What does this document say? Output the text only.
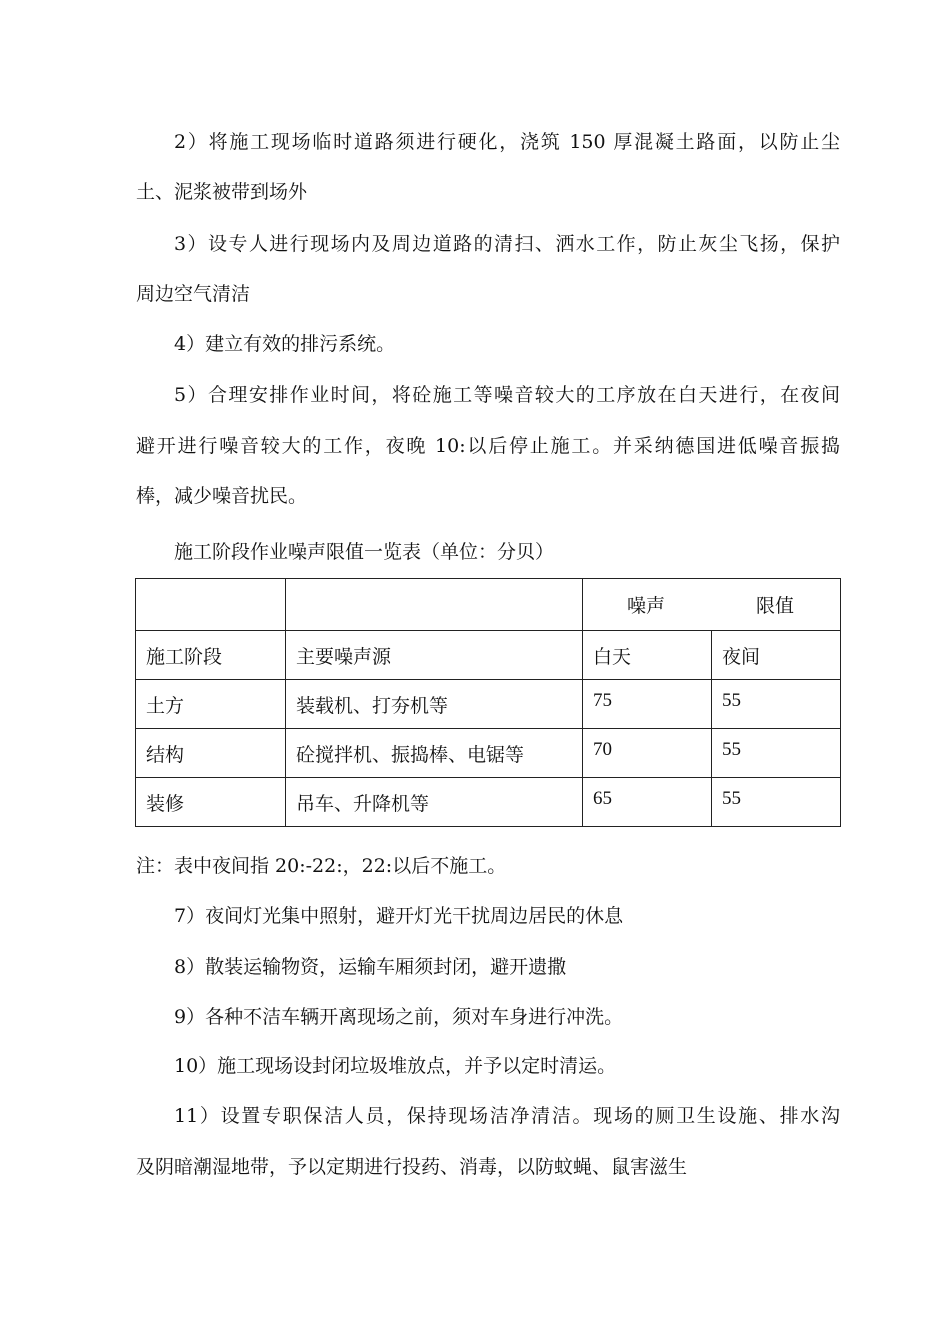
2）将施工现场临时道路须进行硬化，浇筑 150 厚混凝土路面，以防止尘
土、泥浆被带到场外
3）设专人进行现场内及周边道路的清扫、洒水工作，防止灰尘飞扬，保护
周边空气清洁
4）建立有效的排污系统。
5）合理安排作业时间，将砼施工等噪音较大的工序放在白天进行，在夜间
避开进行噪音较大的工作，夜晚 10:以后停止施工。并采纳德国进低噪音振捣
棒，减少噪音扰民。
施工阶段作业噪声限值一览表（单位：分贝）

		噪声 限值	

施工阶段	主要噪声源	白天	夜间
土方	装载机、打夯机等	75	55
结构	砼搅拌机、振捣棒、电锯等	70	55
装修	吊车、升降机等	65	55
注：表中夜间指 20:-22:，22:以后不施工。
7）夜间灯光集中照射，避开灯光干扰周边居民的休息
8）散装运输物资，运输车厢须封闭，避开遗撒
9）各种不洁车辆开离现场之前，须对车身进行冲洗。
10）施工现场设封闭垃圾堆放点，并予以定时清运。
11）设置专职保洁人员，保持现场洁净清洁。现场的厕卫生设施、排水沟
及阴暗潮湿地带，予以定期进行投药、消毒，以防蚊蝇、鼠害滋生
